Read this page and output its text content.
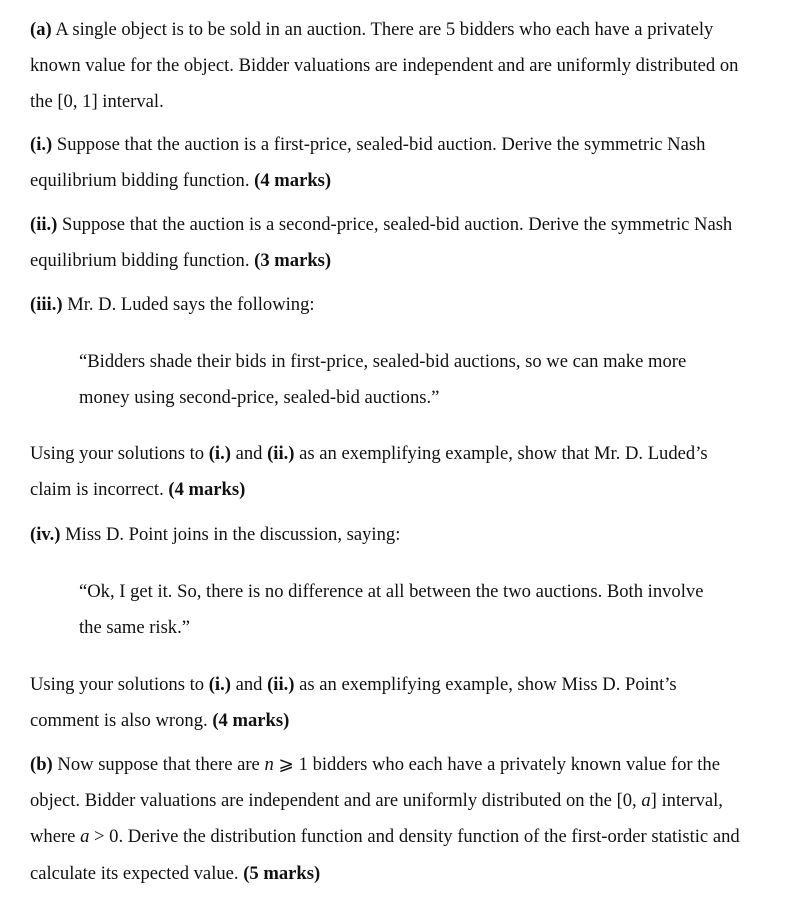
(a) A single object is to be sold in an auction. There are 5 bidders who each have a privately known value for the object. Bidder valuations are independent and are uniformly distributed on the [0, 1] interval.

(i.) Suppose that the auction is a first-price, sealed-bid auction. Derive the symmetric Nash equilibrium bidding function. (4 marks)

(ii.) Suppose that the auction is a second-price, sealed-bid auction. Derive the symmetric Nash equilibrium bidding function. (3 marks)

(iii.) Mr. D. Luded says the following:

“Bidders shade their bids in first-price, sealed-bid auctions, so we can make more money using second-price, sealed-bid auctions.”

Using your solutions to (i.) and (ii.) as an exemplifying example, show that Mr. D. Luded’s claim is incorrect. (4 marks)

(iv.) Miss D. Point joins in the discussion, saying:

“Ok, I get it. So, there is no difference at all between the two auctions. Both involve the same risk.”

Using your solutions to (i.) and (ii.) as an exemplifying example, show Miss D. Point’s comment is also wrong. (4 marks)

(b) Now suppose that there are n ⩾ 1 bidders who each have a privately known value for the object. Bidder valuations are independent and are uniformly distributed on the [0, a] interval, where a > 0. Derive the distribution function and density function of the first-order statistic and calculate its expected value. (5 marks)
